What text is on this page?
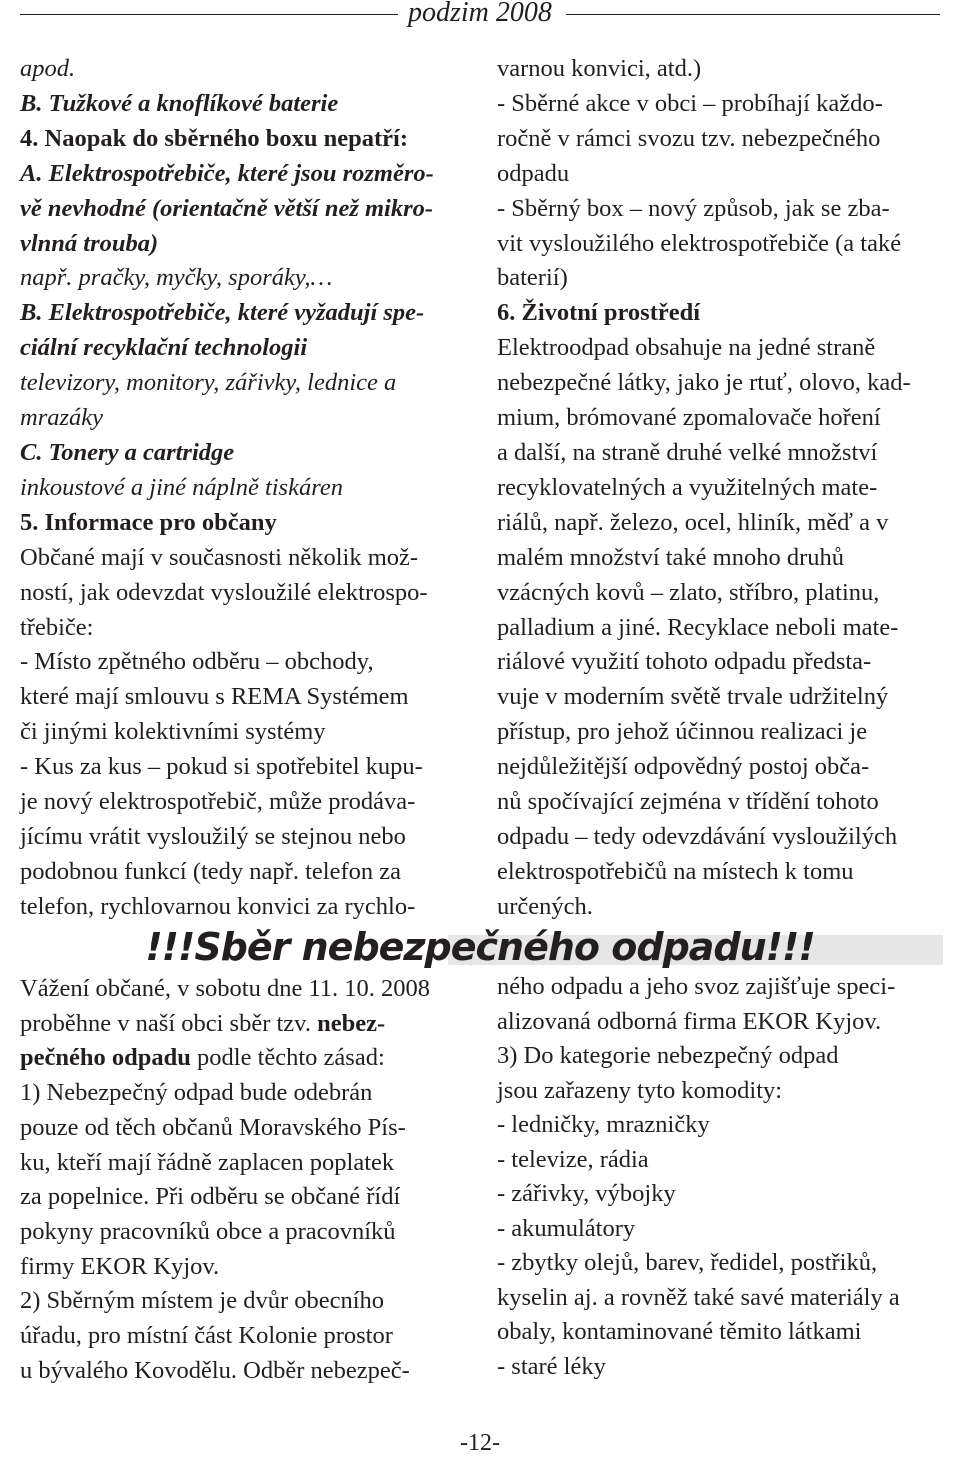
podzim 2008

apod.

B. Tužkové a knoflíkové baterie

4. Naopak do sběrného boxu nepatří:

A. Elektrospotřebiče, které jsou rozměro-

vě nevhodné (orientačně větší než mikro-

vlnná trouba)

např. pračky, myčky, sporáky,…

B. Elektrospotřebiče, které vyžadují spe-

ciální recyklační technologii

televizory, monitory, zářivky, lednice a

mrazáky

C. Tonery a cartridge

inkoustové a jiné náplně tiskáren

5. Informace pro občany

Občané mají v současnosti několik mož-

ností, jak odevzdat vysloužilé elektrospo-

třebiče:

- Místo zpětného odběru – obchody,

které mají smlouvu s REMA Systémem

či jinými kolektivními systémy

- Kus za kus – pokud si spotřebitel kupu-

je nový elektrospotřebič, může prodáva-

jícímu vrátit vysloužilý se stejnou nebo

podobnou funkcí (tedy např. telefon za

telefon, rychlovarnou konvici za rychlo-

varnou konvici, atd.)

- Sběrné akce v obci – probíhají každo-

ročně v rámci svozu tzv. nebezpečného

odpadu

- Sběrný box – nový způsob, jak se zba-

vit vysloužilého elektrospotřebiče (a také

baterií)

6. Životní prostředí

Elektroodpad obsahuje na jedné straně

nebezpečné látky, jako je rtuť, olovo, kad-

mium, brómované zpomalovače hoření

a další, na straně druhé velké množství

recyklovatelných a využitelných mate-

riálů, např. železo, ocel, hliník, měď a v

malém množství také mnoho druhů

vzácných kovů – zlato, stříbro, platinu,

palladium a jiné. Recyklace neboli mate-

riálové využití tohoto odpadu předsta-

vuje v moderním světě trvale udržitelný

přístup, pro jehož účinnou realizaci je

nejdůležitější odpovědný postoj obča-

nů spočívající zejména v třídění tohoto

odpadu – tedy odevzdávání vysloužilých

elektrospotřebičů na místech k tomu

určených.

!!!Sběr nebezpečného odpadu!!!

Vážení občané, v sobotu dne 11. 10. 2008

proběhne v naší obci sběr tzv. nebez-

pečného odpadu podle těchto zásad:

1) Nebezpečný odpad bude odebrán

pouze od těch občanů Moravského Pís-

ku, kteří mají řádně zaplacen poplatek

za popelnice. Při odběru se občané řídí

pokyny pracovníků obce a pracovníků

firmy EKOR Kyjov.

2) Sběrným místem je dvůr obecního

úřadu, pro místní část Kolonie prostor

u bývalého Kovodělu. Odběr nebezpeč-

ného odpadu a jeho svoz zajišťuje speci-

alizovaná odborná firma EKOR Kyjov.

3) Do kategorie nebezpečný odpad

jsou zařazeny tyto komodity:

- ledničky, mrazničky

- televize, rádia

- zářivky, výbojky

- akumulátory

- zbytky olejů, barev, ředidel, postřiků,

kyselin aj. a rovněž také savé materiály a

obaly, kontaminované těmito látkami

- staré léky

-12-
